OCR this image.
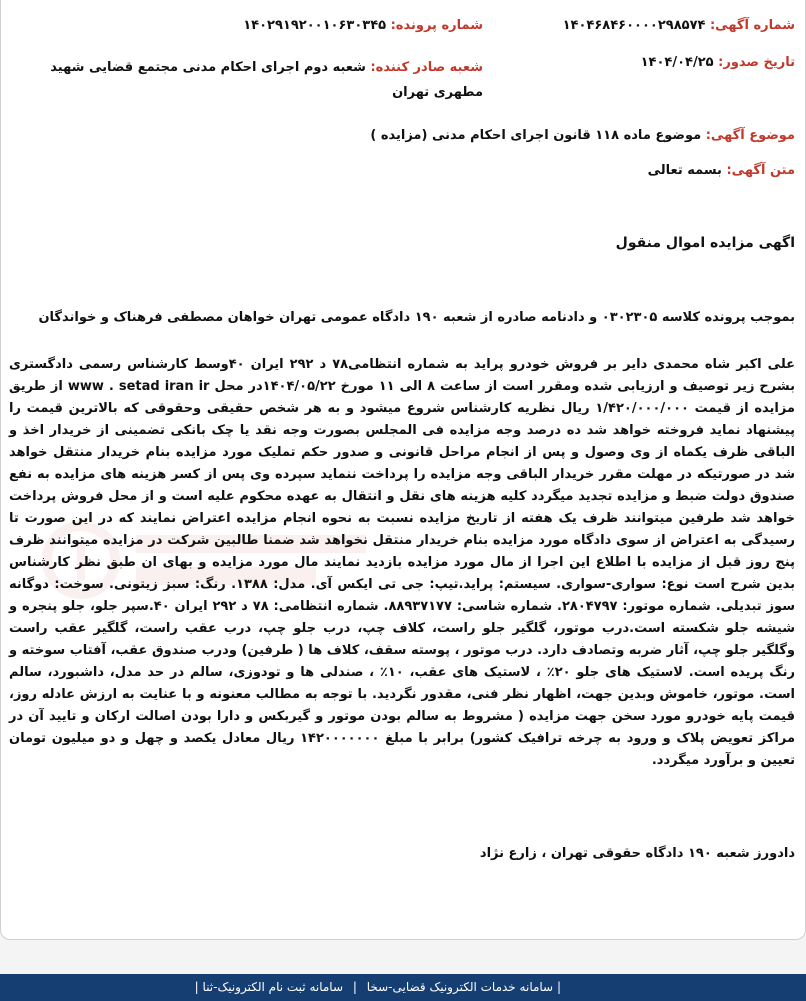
شماره آگهی: ۱۴۰۴۶۸۴۶۰۰۰۰۲۹۸۵۷۴
شماره پرونده: ۱۴۰۲۹۱۹۲۰۰۱۰۶۳۰۳۴۵
تاریخ صدور: ۱۴۰۴/۰۴/۲۵
شعبه صادر کننده: شعبه دوم اجرای احکام مدنی مجتمع قضایی شهید مطهری تهران
موضوع آگهی: موضوع ماده ۱۱۸ قانون اجرای احکام مدنی (مزایده )
متن آگهی: بسمه تعالی
اگهی مزایده اموال منقول
بموجب پرونده کلاسه ۰۳۰۲۳۰۵ و دادنامه صادره از شعبه ۱۹۰ دادگاه عمومی تهران خواهان مصطفی فرهناک و خواندگان
علی اکبر شاه محمدی دایر بر فروش خودرو پراید به شماره انتظامی۷۸ د ۲۹۲ ایران ۴۰وسط کارشناس رسمی دادگستری بشرح زیر توصیف و ارزیابی شده ومقرر است از ساعت ۸ الی ۱۱ مورخ ۱۴۰۴/۰۵/۲۲در محل www . setad iran ir از طریق مزایده از قیمت ۱/۴۲۰/۰۰۰/۰۰۰ ریال نظریه کارشناس شروع میشود و به هر شخص حقیقی وحقوقی که بالاترین قیمت را پیشنهاد نماید فروخته خواهد شد ده درصد وجه مزایده فی المجلس بصورت وجه نقد یا چک بانکی تضمینی از خریدار اخذ و الباقی ظرف یکماه از وی وصول و پس از انجام مراحل قانونی و صدور حکم تملیک مورد مزایده بنام خریدار منتقل خواهد شد در صورتیکه در مهلت مقرر خریدار الباقی وجه مزایده را پرداخت ننماید سپرده وی پس از کسر هزینه های مزایده به نفع صندوق دولت ضبط و مزایده تجدید میگردد کلیه هزینه های نقل و انتقال به عهده محکوم علیه است و از محل فروش پرداخت خواهد شد طرفین میتوانند ظرف یک هفته از تاریخ مزایده نسبت به نحوه انجام مزایده اعتراض نمایند که در این صورت تا رسیدگی به اعتراض از سوی دادگاه مورد مزایده بنام خریدار منتقل نخواهد شد ضمنا طالبین شرکت در مزایده میتوانند ظرف پنج روز قبل از مزایده با اطلاع این اجرا از مال مورد مزایده بازدید نمایند مال مورد مزایده و بهای ان طبق نظر کارشناس بدین شرح است نوع: سواری-سواری. سیستم: پراید.تیپ: جی تی ایکس آی. مدل: ۱۳۸۸. رنگ: سبز زیتونی. سوخت: دوگانه سوز تبدیلی. شماره موتور: ۲۸۰۴۷۹۷. شماره شاسی: ۸۸۹۳۷۱۷۷. شماره انتظامی: ۷۸ د ۲۹۲ ایران ۴۰.سپر جلو، جلو پنجره و شیشه جلو شکسته است.درب موتور، گلگیر جلو راست، کلاف چپ، درب جلو چپ، درب عقب راست، گلگیر عقب راست وگلگیر جلو چپ، آثار ضربه وتصادف دارد. درب موتور ، پوسته سقف، کلاف ها ( طرفین) ودرب صندوق عقب، آفتاب سوخته و رنگ پریده است. لاستیک های جلو ۲۰٪ ، لاستیک های عقب، ۱۰٪ ، صندلی ها و تودوزی، سالم در حد مدل، داشبورد، سالم است. موتور، خاموش وبدین جهت، اظهار نظر فنی، مقدور نگردید. با توجه به مطالب معنونه و با عنایت به ارزش عادله روز، قیمت پایه خودرو مورد سخن جهت مزایده ( مشروط به سالم بودن موتور و گیربکس و دارا بودن اصالت ارکان و تایید آن در مراکز تعویض پلاک و ورود به چرخه ترافیک کشور) برابر با مبلغ ۱۴۲۰۰۰۰۰۰۰ ریال معادل یکصد و چهل و دو میلیون تومان تعیین و برآورد میگردد.
دادورز شعبه ۱۹۰ دادگاه حقوقی تهران ، زارع نژاد
| سامانه خدمات الکترونیک قضایی-سخا | سامانه ثبت نام الکترونیک-ثنا |
